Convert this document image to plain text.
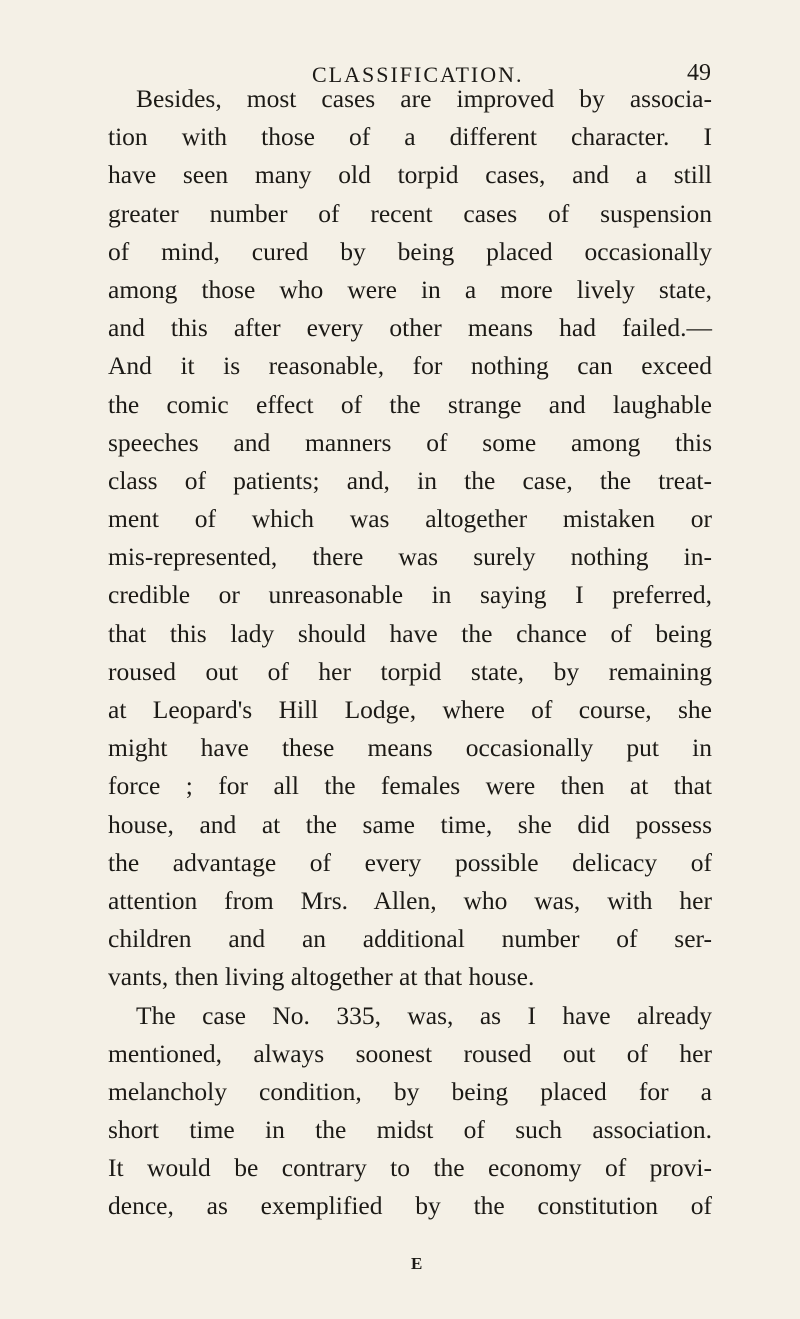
CLASSIFICATION.	49
Besides, most cases are improved by associa-
tion with those of a different character. I
have seen many old torpid cases, and a still
greater number of recent cases of suspension
of mind, cured by being placed occasionally
among those who were in a more lively state,
and this after every other means had failed.—
And it is reasonable, for nothing can exceed
the comic effect of the strange and laughable
speeches and manners of some among this
class of patients; and, in the case, the treat-
ment of which was altogether mistaken or
mis-represented, there was surely nothing in-
credible or unreasonable in saying I preferred,
that this lady should have the chance of being
roused out of her torpid state, by remaining
at Leopard's Hill Lodge, where of course, she
might have these means occasionally put in
force ; for all the females were then at that
house, and at the same time, she did possess
the advantage of every possible delicacy of
attention from Mrs. Allen, who was, with her
children and an additional number of ser-
vants, then living altogether at that house.
The case No. 335, was, as I have already
mentioned, always soonest roused out of her
melancholy condition, by being placed for a
short time in the midst of such association.
It would be contrary to the economy of provi-
dence, as exemplified by the constitution of
E
